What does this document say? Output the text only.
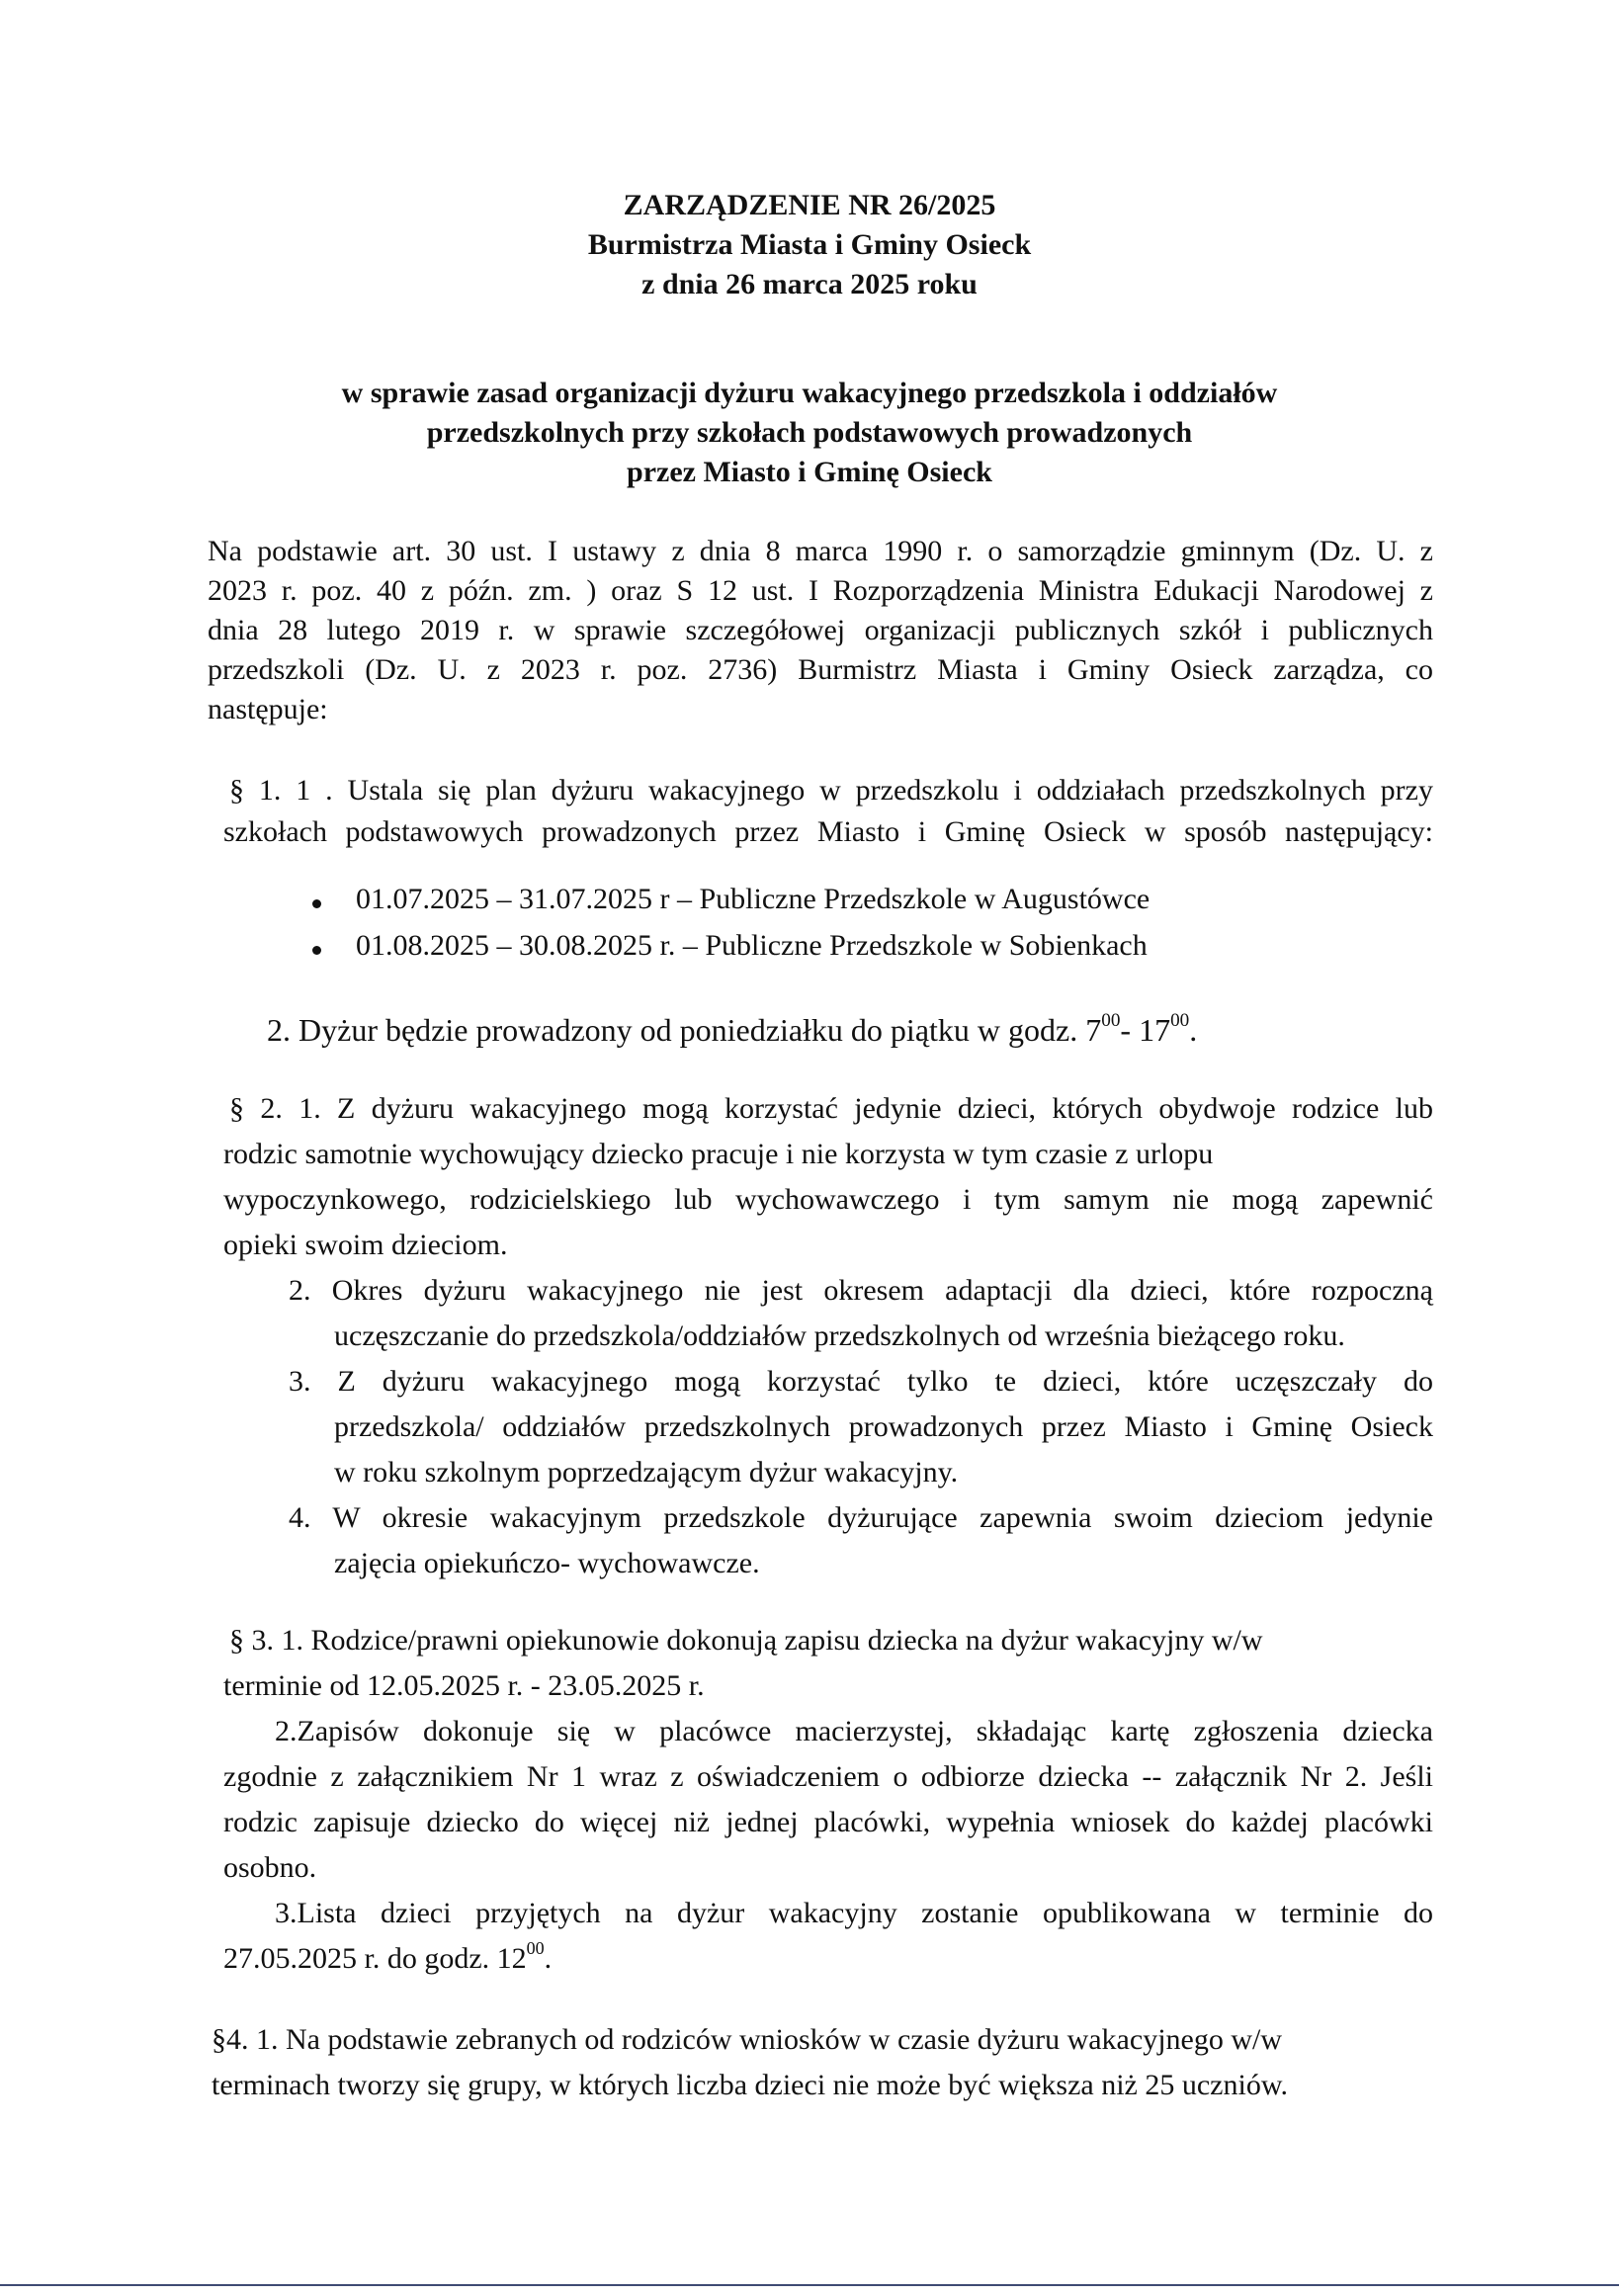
ZARZĄDZENIE NR 26/2025
Burmistrza Miasta i Gminy Osieck
z dnia 26 marca 2025 roku
w sprawie zasad organizacji dyżuru wakacyjnego przedszkola i oddziałów
przedszkolnych przy szkołach podstawowych prowadzonych
przez Miasto i Gminę Osieck
Na podstawie art. 30 ust. I ustawy z dnia 8 marca 1990 r. o samorządzie gminnym (Dz. U. z
2023 r. poz. 40 z późn. zm. ) oraz S 12 ust. I Rozporządzenia Ministra Edukacji Narodowej z
dnia 28 lutego 2019 r. w sprawie szczegółowej organizacji publicznych szkół i publicznych
przedszkoli (Dz. U. z 2023 r. poz. 2736) Burmistrz Miasta i Gminy Osieck zarządza, co
następuje:
§ 1. 1 . Ustala się plan dyżuru wakacyjnego w przedszkolu i oddziałach przedszkolnych przy
szkołach podstawowych prowadzonych przez Miasto i Gminę Osieck w sposób następujący:
01.07.2025 – 31.07.2025 r – Publiczne Przedszkole w Augustówce
01.08.2025 – 30.08.2025 r. – Publiczne Przedszkole w Sobienkach
2. Dyżur będzie prowadzony od poniedziałku do piątku w godz. $7^{00}-$ $17^{00}$.
§ 2. 1. Z dyżuru wakacyjnego mogą korzystać jedynie dzieci, których obydwoje rodzice lub
rodzic samotnie wychowujący dziecko pracuje i nie korzysta w tym czasie z urlopu
wypoczynkowego, rodzicielskiego lub wychowawczego i tym samym nie mogą zapewnić
opieki swoim dzieciom.
2. Okres dyżuru wakacyjnego nie jest okresem adaptacji dla dzieci, które rozpoczną
uczęszczanie do przedszkola/oddziałów przedszkolnych od września bieżącego roku.
3. Z dyżuru wakacyjnego mogą korzystać tylko te dzieci, które uczęszczały do
przedszkola/ oddziałów przedszkolnych prowadzonych przez Miasto i Gminę Osieck
w roku szkolnym poprzedzającym dyżur wakacyjny.
4. W okresie wakacyjnym przedszkole dyżurujące zapewnia swoim dzieciom jedynie
zajęcia opiekuńczo- wychowawcze.
§ 3. 1. Rodzice/prawni opiekunowie dokonują zapisu dziecka na dyżur wakacyjny w/w
terminie od 12.05.2025 r. - 23.05.2025 r.
2.Zapisów dokonuje się w placówce macierzystej, składając kartę zgłoszenia dziecka
zgodnie z załącznikiem Nr 1 wraz z oświadczeniem o odbiorze dziecka -- załącznik Nr 2. Jeśli
rodzic zapisuje dziecko do więcej niż jednej placówki, wypełnia wniosek do każdej placówki
osobno.
3.Lista dzieci przyjętych na dyżur wakacyjny zostanie opublikowana w terminie do
27.05.2025 r. do godz. $12^{00}$.
§4. 1. Na podstawie zebranych od rodziców wniosków w czasie dyżuru wakacyjnego w/w
terminach tworzy się grupy, w których liczba dzieci nie może być większa niż 25 uczniów.
